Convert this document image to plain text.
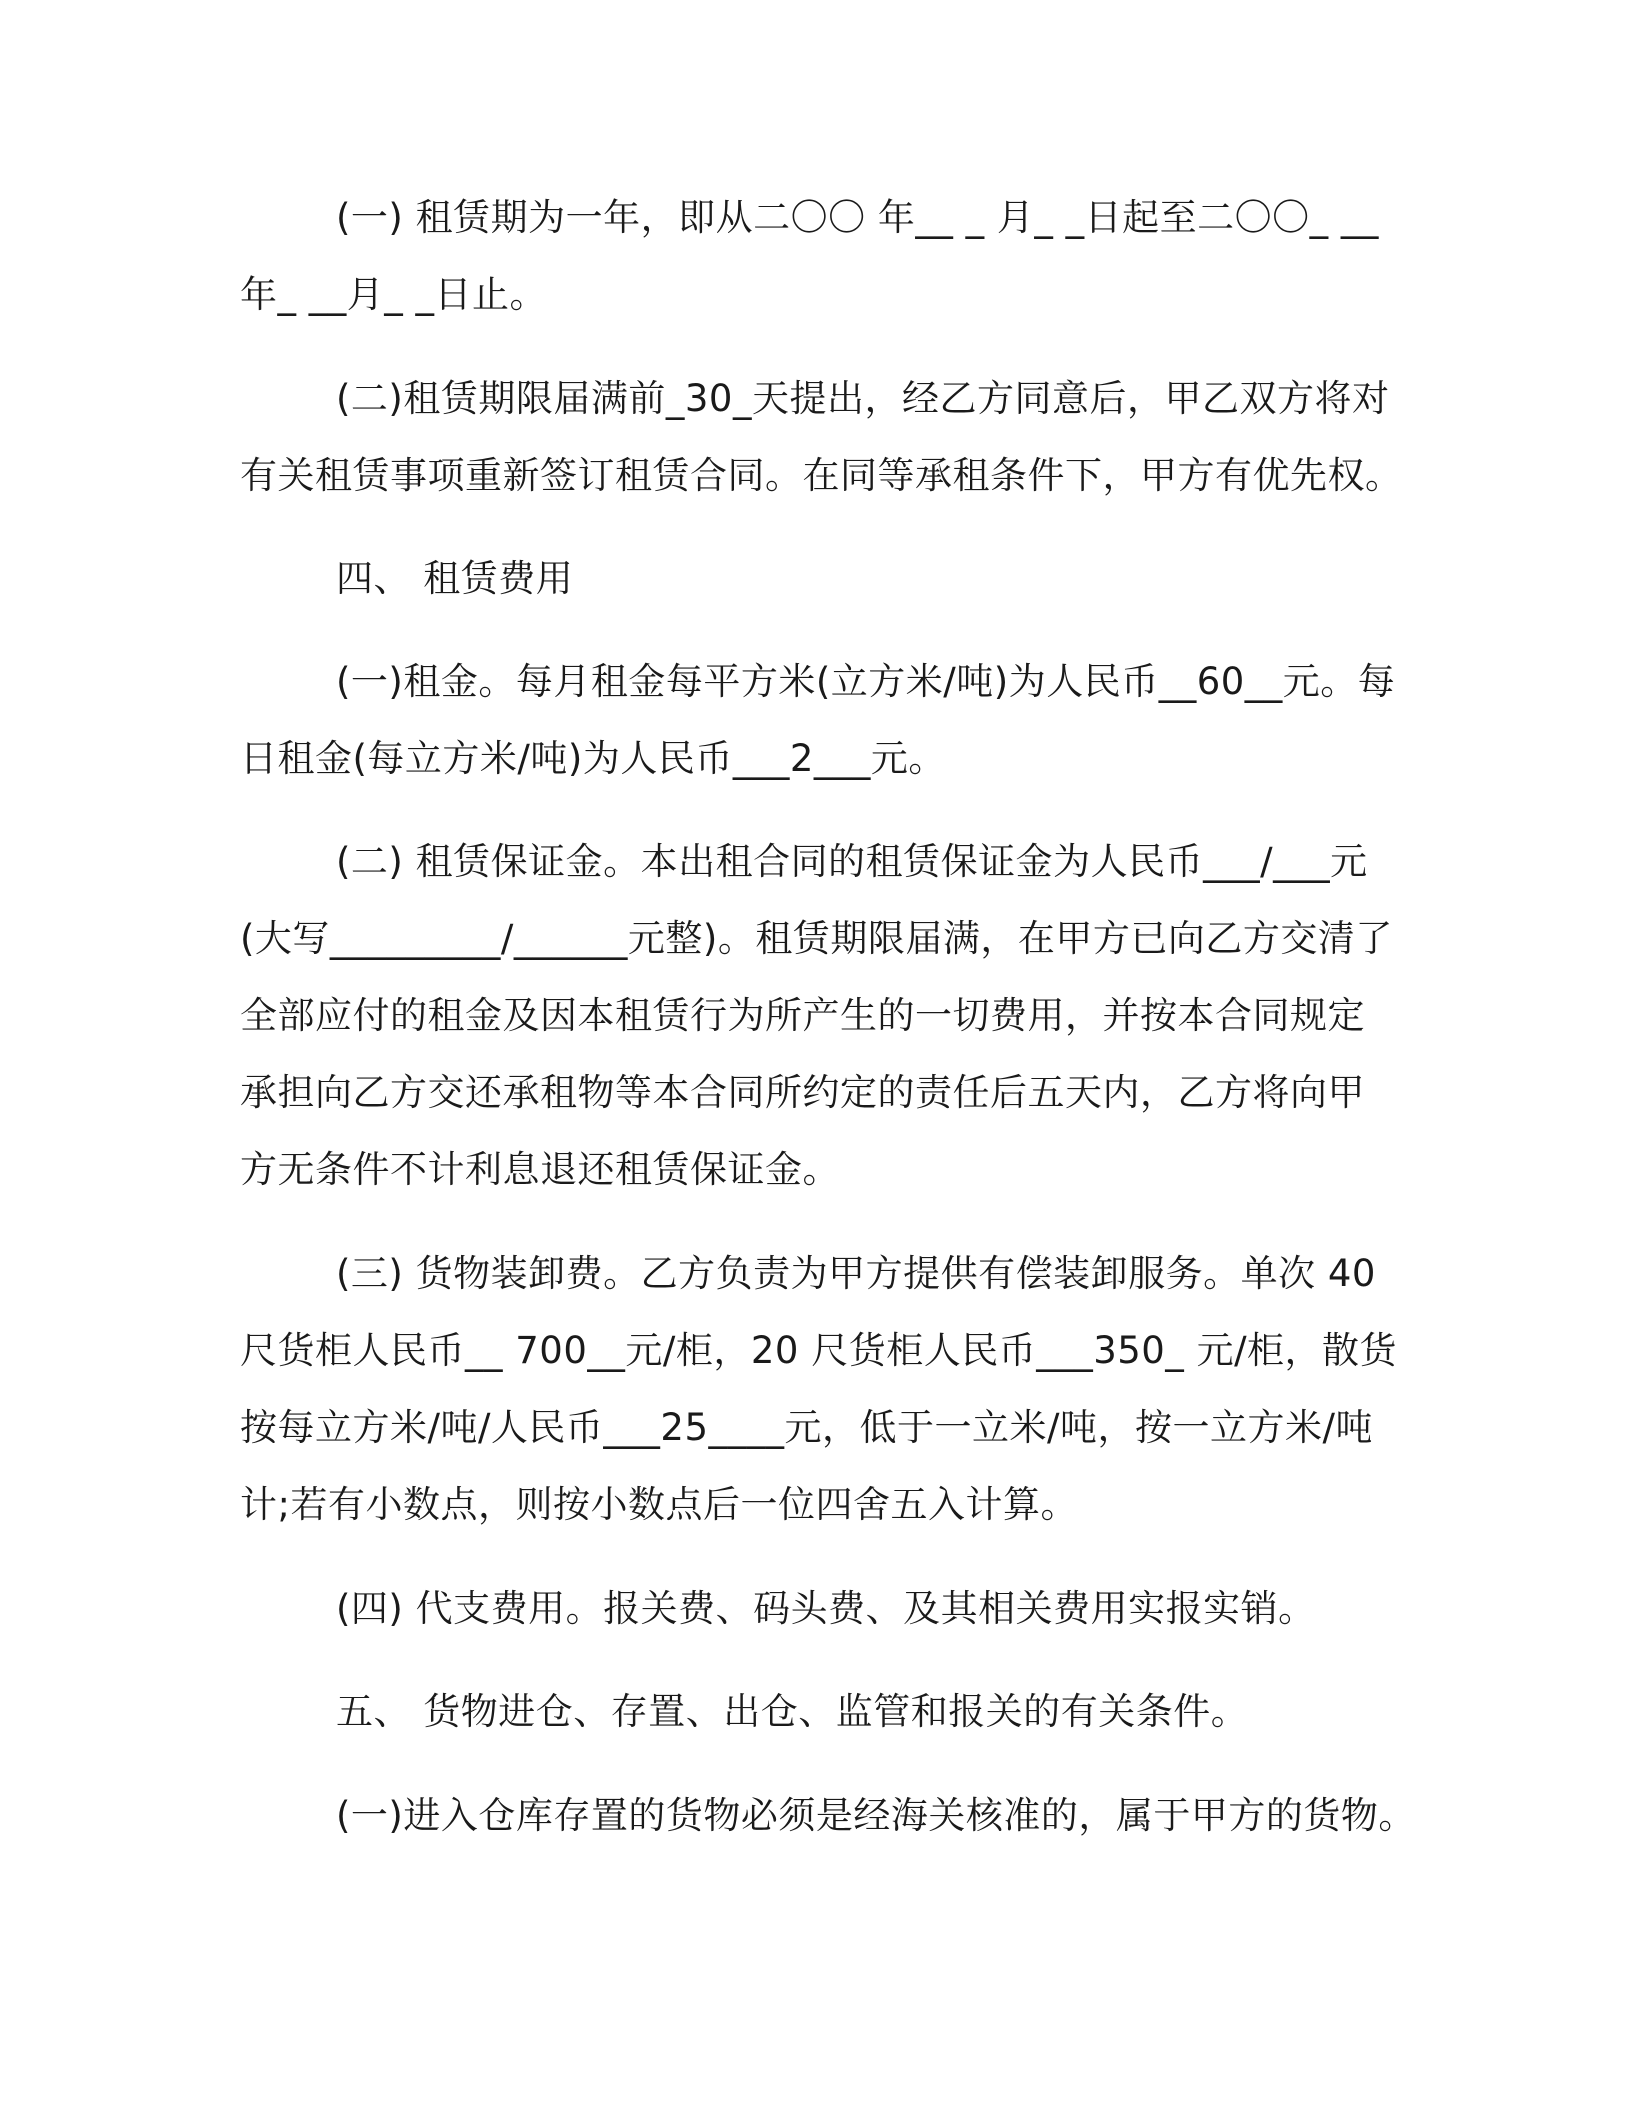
(一) 租赁期为一年，即从二〇〇 年__ _ 月_ _日起至二〇〇_ __
年_ __月_ _日止。
(二)租赁期限届满前_30_天提出，经乙方同意后，甲乙双方将对
有关租赁事项重新签订租赁合同。在同等承租条件下，甲方有优先权。
四、 租赁费用
(一)租金。每月租金每平方米(立方米/吨)为人民币__60__元。每
日租金(每立方米/吨)为人民币___2___元。
(二) 租赁保证金。本出租合同的租赁保证金为人民币___/___元
(大写_________/______元整)。租赁期限届满，在甲方已向乙方交清了
全部应付的租金及因本租赁行为所产生的一切费用，并按本合同规定
承担向乙方交还承租物等本合同所约定的责任后五天内，乙方将向甲
方无条件不计利息退还租赁保证金。
(三) 货物装卸费。乙方负责为甲方提供有偿装卸服务。单次 40
尺货柜人民币__ 700__元/柜，20 尺货柜人民币___350_ 元/柜，散货
按每立方米/吨/人民币___25____元，低于一立米/吨，按一立方米/吨
计;若有小数点，则按小数点后一位四舍五入计算。
(四) 代支费用。报关费、码头费、及其相关费用实报实销。
五、 货物进仓、存置、出仓、监管和报关的有关条件。
(一)进入仓库存置的货物必须是经海关核准的，属于甲方的货物。
